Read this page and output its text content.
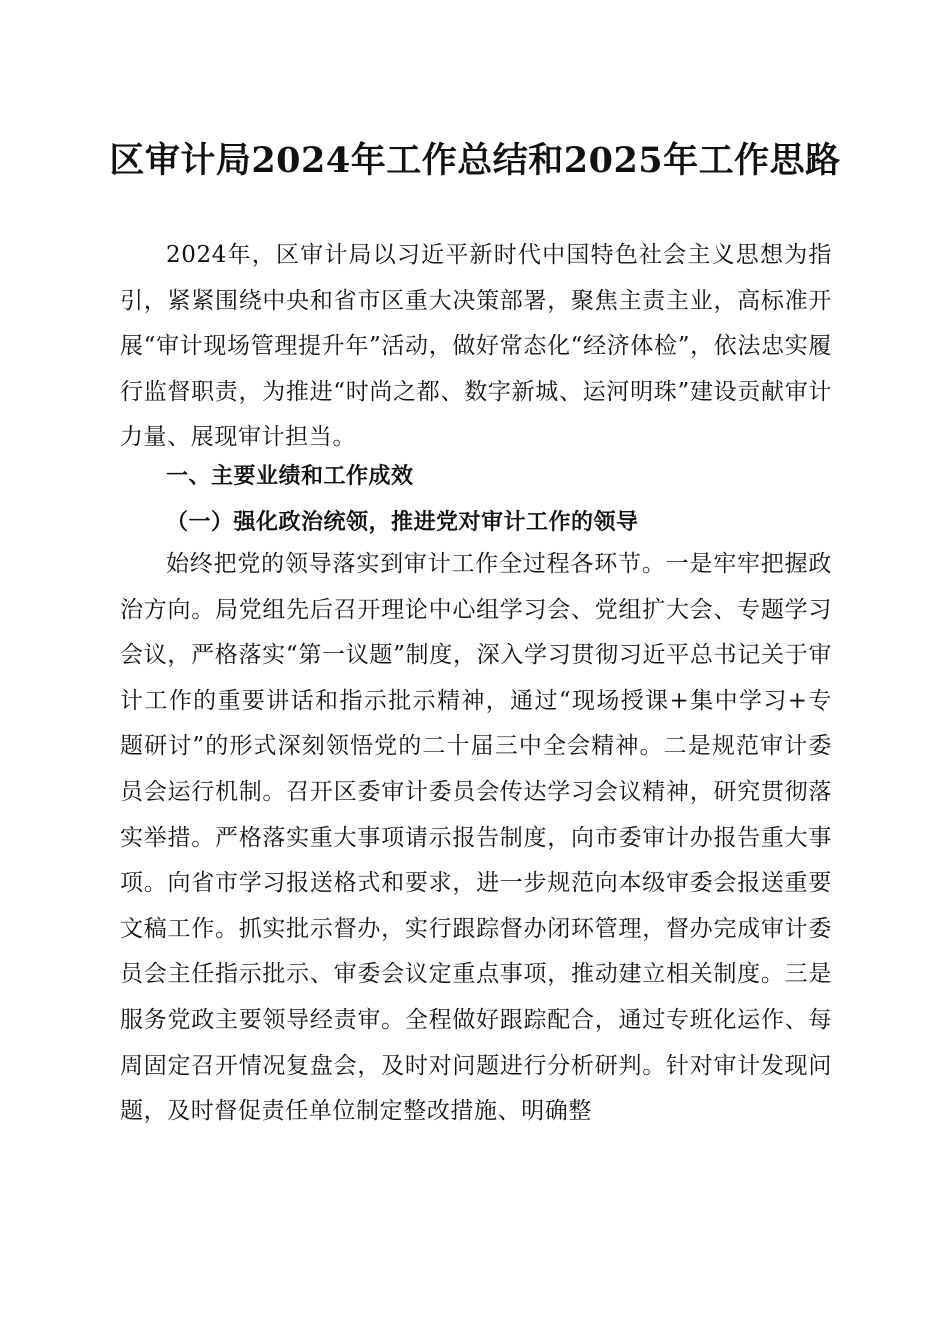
区审计局2024年工作总结和2025年工作思路

2024年，区审计局以习近平新时代中国特色社会主义思想为指引，紧紧围绕中央和省市区重大决策部署，聚焦主责主业，高标准开展“审计现场管理提升年”活动，做好常态化“经济体检”，依法忠实履行监督职责，为推进“时尚之都、数字新城、运河明珠”建设贡献审计力量、展现审计担当。

一、主要业绩和工作成效
（一）强化政治统领，推进党对审计工作的领导

始终把党的领导落实到审计工作全过程各环节。一是牢牢把握政治方向。局党组先后召开理论中心组学习会、党组扩大会、专题学习会议，严格落实“第一议题”制度，深入学习贯彻习近平总书记关于审计工作的重要讲话和指示批示精神，通过“现场授课+集中学习+专题研讨”的形式深刻领悟党的二十届三中全会精神。二是规范审计委员会运行机制。召开区委审计委员会传达学习会议精神，研究贯彻落实举措。严格落实重大事项请示报告制度，向市委审计办报告重大事项。向省市学习报送格式和要求，进一步规范向本级审委会报送重要文稿工作。抓实批示督办，实行跟踪督办闭环管理，督办完成审计委员会主任指示批示、审委会议定重点事项，推动建立相关制度。三是服务党政主要领导经责审。全程做好跟踪配合，通过专班化运作、每周固定召开情况复盘会，及时对问题进行分析研判。针对审计发现问题，及时督促责任单位制定整改措施、明确整
